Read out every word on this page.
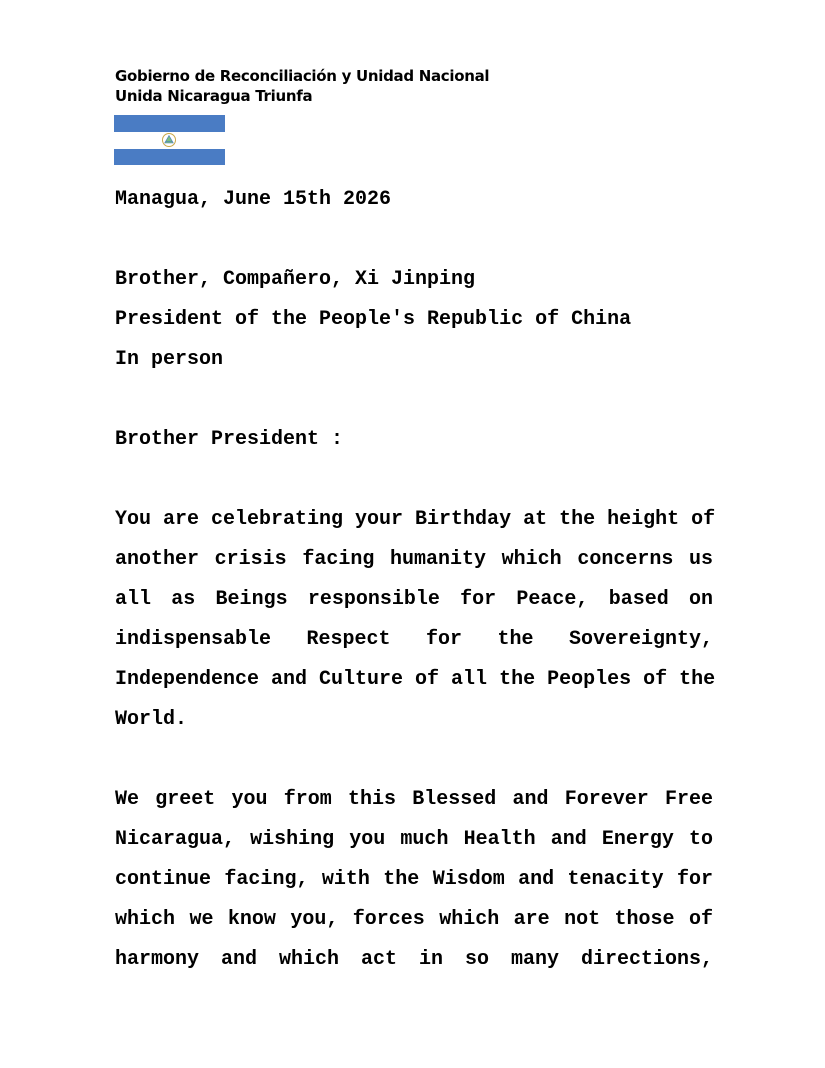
Gobierno de Reconciliación y Unidad Nacional
Unida Nicaragua Triunfa
Managua, June 15th 2026
Brother, Compañero, Xi Jinping
President of the People's Republic of China
In person
Brother President :
You are celebrating your Birthday at the height of
another crisis facing humanity which concerns us
all as Beings responsible for Peace, based on
indispensable Respect for the Sovereignty,
Independence and Culture of all the Peoples of the
World.
We greet you from this Blessed and Forever Free
Nicaragua, wishing you much Health and Energy to
continue facing, with the Wisdom and tenacity for
which we know you, forces which are not those of
harmony and which act in so many directions,
